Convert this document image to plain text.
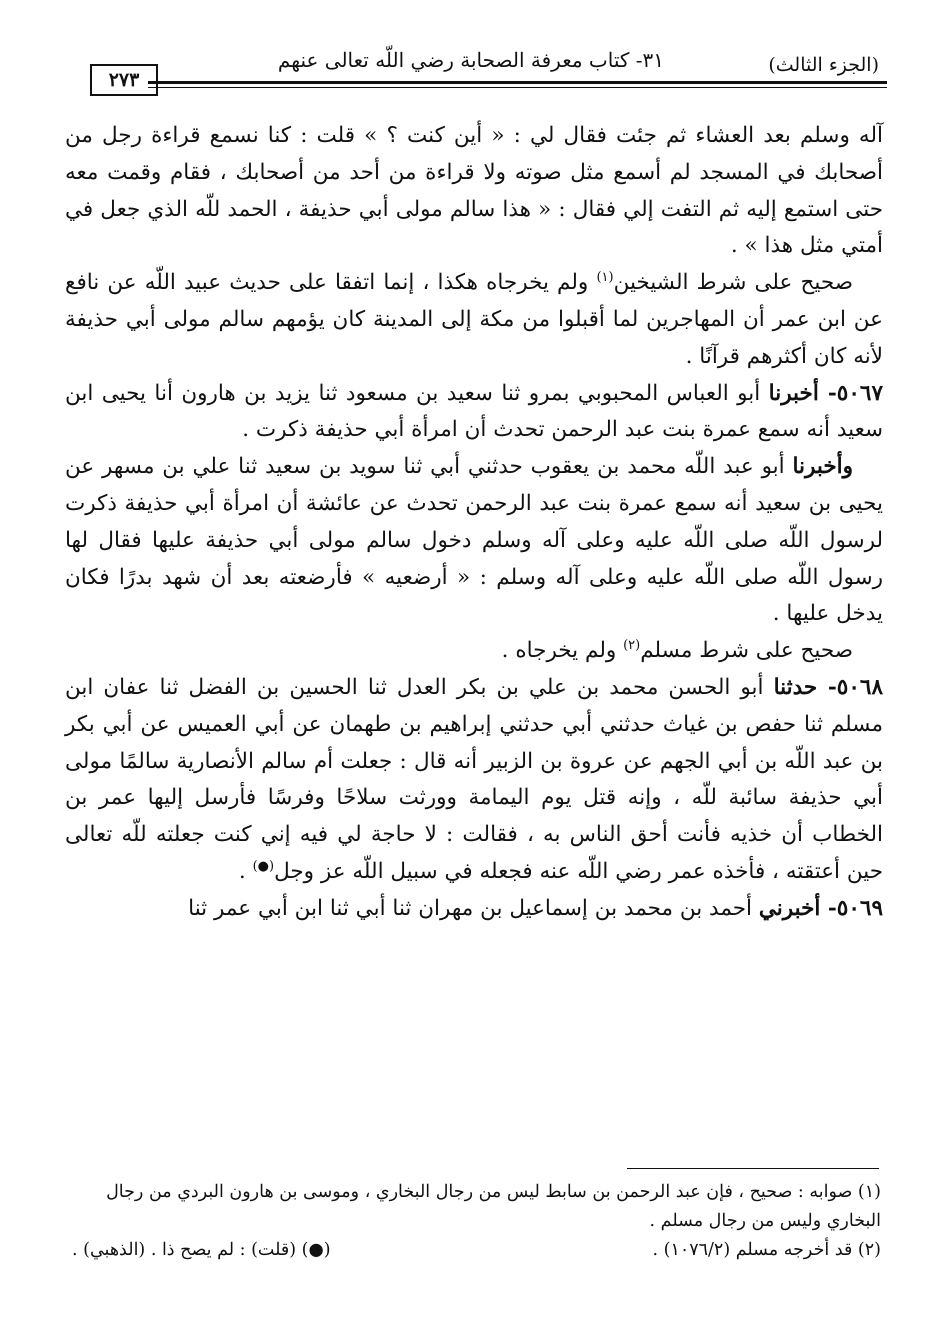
(الجزء الثالث)
٣١- كتاب معرفة الصحابة رضي اللّه تعالى عنهم
٢٧٣

آله وسلم بعد العشاء ثم جئت فقال لي : « أين كنت ؟ » قلت : كنا نسمع قراءة رجل من أصحابك في المسجد لم أسمع مثل صوته ولا قراءة من أحد من أصحابك ، فقام وقمت معه حتى استمع إليه ثم التفت إلي فقال : « هذا سالم مولى أبي حذيفة ، الحمد للّه الذي جعل في أمتي مثل هذا » .

صحيح على شرط الشيخين$^{(١)}$ ولم يخرجاه هكذا ، إنما اتفقا على حديث عبيد اللّه عن نافع عن ابن عمر أن المهاجرين لما أقبلوا من مكة إلى المدينة كان يؤمهم سالم مولى أبي حذيفة لأنه كان أكثرهم قرآنًا .

٥٠٦٧- أخبرنا أبو العباس المحبوبي بمرو ثنا سعيد بن مسعود ثنا يزيد بن هارون أنا يحيى ابن سعيد أنه سمع عمرة بنت عبد الرحمن تحدث أن امرأة أبي حذيفة ذكرت .

وأخبرنا أبو عبد اللّه محمد بن يعقوب حدثني أبي ثنا سويد بن سعيد ثنا علي بن مسهر عن يحيى بن سعيد أنه سمع عمرة بنت عبد الرحمن تحدث عن عائشة أن امرأة أبي حذيفة ذكرت لرسول اللّه صلى اللّه عليه وعلى آله وسلم دخول سالم مولى أبي حذيفة عليها فقال لها رسول اللّه صلى اللّه عليه وعلى آله وسلم : « أرضعيه » فأرضعته بعد أن شهد بدرًا فكان يدخل عليها .

صحيح على شرط مسلم$^{(٢)}$ ولم يخرجاه .

٥٠٦٨- حدثنا أبو الحسن محمد بن علي بن بكر العدل ثنا الحسين بن الفضل ثنا عفان ابن مسلم ثنا حفص بن غياث حدثني أبي حدثني إبراهيم بن طهمان عن أبي العميس عن أبي بكر بن عبد اللّه بن أبي الجهم عن عروة بن الزبير أنه قال : جعلت أم سالم الأنصارية سالمًا مولى أبي حذيفة سائبة للّه ، وإنه قتل يوم اليمامة وورثت سلاحًا وفرسًا فأرسل إليها عمر بن الخطاب أن خذيه فأنت أحق الناس به ، فقالت : لا حاجة لي فيه إني كنت جعلته للّه تعالى حين أعتقته ، فأخذه عمر رضي اللّه عنه فجعله في سبيل اللّه عز وجل(●) .

٥٠٦٩- أخبرني أحمد بن محمد بن إسماعيل بن مهران ثنا أبي ثنا ابن أبي عمر ثنا

(١) صوابه : صحيح ، فإن عبد الرحمن بن سابط ليس من رجال البخاري ، وموسى بن هارون البردي من رجال البخاري وليس من رجال مسلم .

(٢) قد أخرجه مسلم (١٠٧٦/٢) .
(●) (قلت) : لم يصح ذا . (الذهبي) .
